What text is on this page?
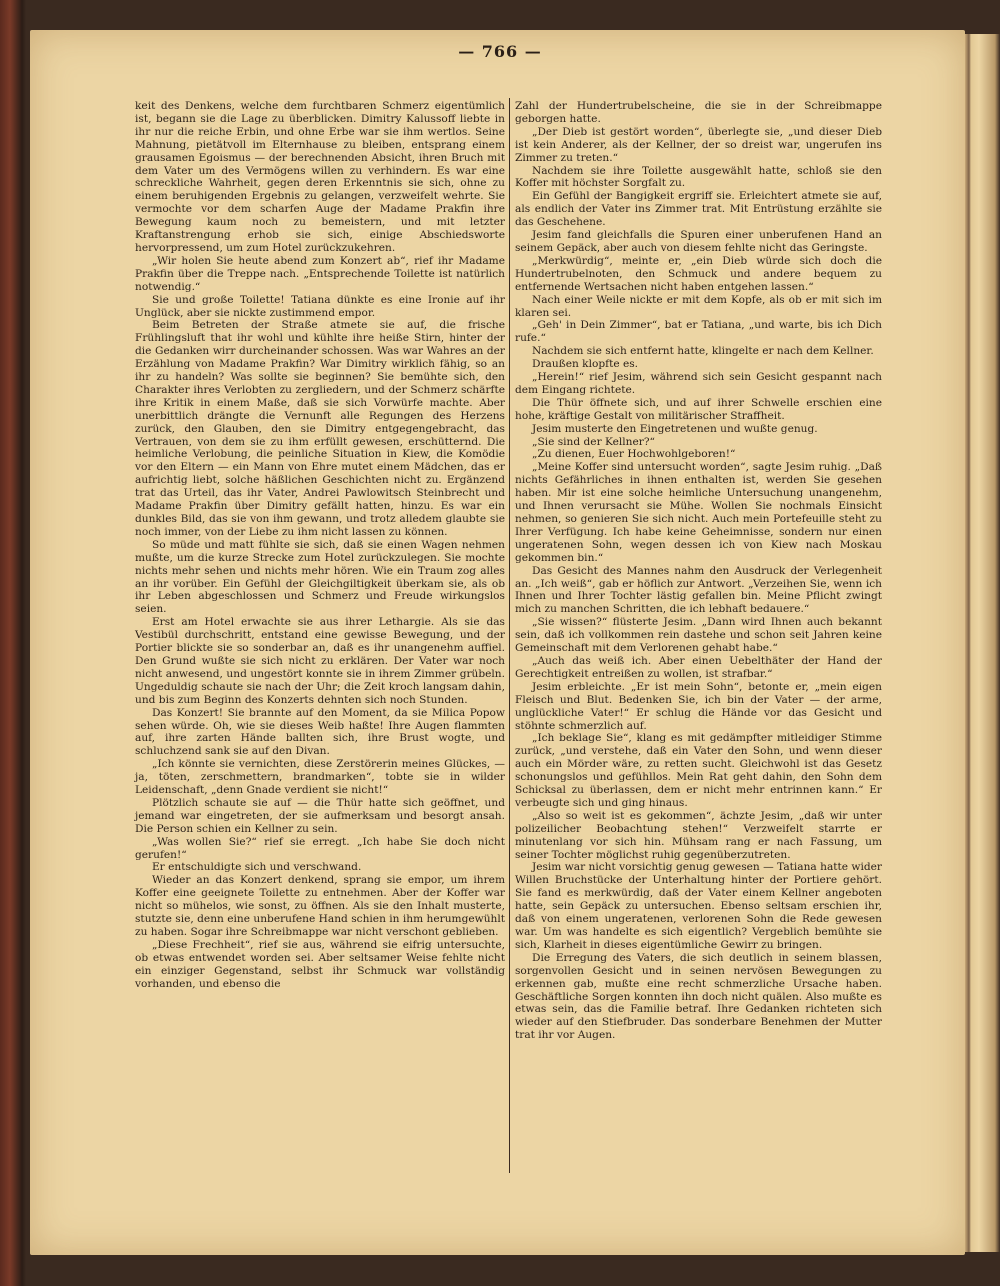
— 766 —

keit des Denkens, welche dem furchtbaren Schmerz eigentümlich ist, begann sie die Lage zu überblicken. Dimitry Kalussoff liebte in ihr nur die reiche Erbin, und ohne Erbe war sie ihm wertlos. Seine Mahnung, pietätvoll im Elternhause zu bleiben, entsprang einem grausamen Egoismus — der berechnenden Absicht, ihren Bruch mit dem Vater um des Vermögens willen zu verhindern. Es war eine schreckliche Wahrheit, gegen deren Erkenntnis sie sich, ohne zu einem beruhigenden Ergebnis zu gelangen, verzweifelt wehrte. Sie vermochte vor dem scharfen Auge der Madame Prakfin ihre Bewegung kaum noch zu bemeistern, und mit letzter Kraftanstrengung erhob sie sich, einige Abschiedsworte hervorpressend, um zum Hotel zurückzukehren.

„Wir holen Sie heute abend zum Konzert ab“, rief ihr Madame Prakfin über die Treppe nach. „Entsprechende Toilette ist natürlich notwendig.“

Sie und große Toilette! Tatiana dünkte es eine Ironie auf ihr Unglück, aber sie nickte zustimmend empor.

Beim Betreten der Straße atmete sie auf, die frische Frühlingsluft that ihr wohl und kühlte ihre heiße Stirn, hinter der die Gedanken wirr durcheinander schossen. Was war Wahres an der Erzählung von Madame Prakfin? War Dimitry wirklich fähig, so an ihr zu handeln? Was sollte sie beginnen? Sie bemühte sich, den Charakter ihres Verlobten zu zergliedern, und der Schmerz schärfte ihre Kritik in einem Maße, daß sie sich Vorwürfe machte. Aber unerbittlich drängte die Vernunft alle Regungen des Herzens zurück, den Glauben, den sie Dimitry entgegengebracht, das Vertrauen, von dem sie zu ihm erfüllt gewesen, erschütternd. Die heimliche Verlobung, die peinliche Situation in Kiew, die Komödie vor den Eltern — ein Mann von Ehre mutet einem Mädchen, das er aufrichtig liebt, solche häßlichen Geschichten nicht zu. Ergänzend trat das Urteil, das ihr Vater, Andrei Pawlowitsch Steinbrecht und Madame Prakfin über Dimitry gefällt hatten, hinzu. Es war ein dunkles Bild, das sie von ihm gewann, und trotz alledem glaubte sie noch immer, von der Liebe zu ihm nicht lassen zu können.

So müde und matt fühlte sie sich, daß sie einen Wagen nehmen mußte, um die kurze Strecke zum Hotel zurückzulegen. Sie mochte nichts mehr sehen und nichts mehr hören. Wie ein Traum zog alles an ihr vorüber. Ein Gefühl der Gleichgiltigkeit überkam sie, als ob ihr Leben abgeschlossen und Schmerz und Freude wirkungslos seien.

Erst am Hotel erwachte sie aus ihrer Lethargie. Als sie das Vestibül durchschritt, entstand eine gewisse Bewegung, und der Portier blickte sie so sonderbar an, daß es ihr unangenehm auffiel. Den Grund wußte sie sich nicht zu erklären. Der Vater war noch nicht anwesend, und ungestört konnte sie in ihrem Zimmer grübeln. Ungeduldig schaute sie nach der Uhr; die Zeit kroch langsam dahin, und bis zum Beginn des Konzerts dehnten sich noch Stunden.

Das Konzert! Sie brannte auf den Moment, da sie Milica Popow sehen würde. Oh, wie sie dieses Weib haßte! Ihre Augen flammten auf, ihre zarten Hände ballten sich, ihre Brust wogte, und schluchzend sank sie auf den Divan.

„Ich könnte sie vernichten, diese Zerstörerin meines Glückes, — ja, töten, zerschmettern, brandmarken“, tobte sie in wilder Leidenschaft, „denn Gnade verdient sie nicht!“

Plötzlich schaute sie auf — die Thür hatte sich geöffnet, und jemand war eingetreten, der sie aufmerksam und besorgt ansah. Die Person schien ein Kellner zu sein.

„Was wollen Sie?“ rief sie erregt. „Ich habe Sie doch nicht gerufen!“

Er entschuldigte sich und verschwand.

Wieder an das Konzert denkend, sprang sie empor, um ihrem Koffer eine geeignete Toilette zu entnehmen. Aber der Koffer war nicht so mühelos, wie sonst, zu öffnen. Als sie den Inhalt musterte, stutzte sie, denn eine unberufene Hand schien in ihm herumgewühlt zu haben. Sogar ihre Schreibmappe war nicht verschont geblieben.

„Diese Frechheit“, rief sie aus, während sie eifrig untersuchte, ob etwas entwendet worden sei. Aber seltsamer Weise fehlte nicht ein einziger Gegenstand, selbst ihr Schmuck war vollständig vorhanden, und ebenso die

Zahl der Hundertrubelscheine, die sie in der Schreibmappe geborgen hatte.

„Der Dieb ist gestört worden“, überlegte sie, „und dieser Dieb ist kein Anderer, als der Kellner, der so dreist war, ungerufen ins Zimmer zu treten.“

Nachdem sie ihre Toilette ausgewählt hatte, schloß sie den Koffer mit höchster Sorgfalt zu.

Ein Gefühl der Bangigkeit ergriff sie. Erleichtert atmete sie auf, als endlich der Vater ins Zimmer trat. Mit Entrüstung erzählte sie das Geschehene.

Jesim fand gleichfalls die Spuren einer unberufenen Hand an seinem Gepäck, aber auch von diesem fehlte nicht das Geringste.

„Merkwürdig“, meinte er, „ein Dieb würde sich doch die Hundertrubelnoten, den Schmuck und andere bequem zu entfernende Wertsachen nicht haben entgehen lassen.“

Nach einer Weile nickte er mit dem Kopfe, als ob er mit sich im klaren sei.

„Geh' in Dein Zimmer“, bat er Tatiana, „und warte, bis ich Dich rufe.“

Nachdem sie sich entfernt hatte, klingelte er nach dem Kellner.

Draußen klopfte es.

„Herein!“ rief Jesim, während sich sein Gesicht gespannt nach dem Eingang richtete.

Die Thür öffnete sich, und auf ihrer Schwelle erschien eine hohe, kräftige Gestalt von militärischer Straffheit.

Jesim musterte den Eingetretenen und wußte genug.

„Sie sind der Kellner?“

„Zu dienen, Euer Hochwohlgeboren!“

„Meine Koffer sind untersucht worden“, sagte Jesim ruhig. „Daß nichts Gefährliches in ihnen enthalten ist, werden Sie gesehen haben. Mir ist eine solche heimliche Untersuchung unangenehm, und Ihnen verursacht sie Mühe. Wollen Sie nochmals Einsicht nehmen, so genieren Sie sich nicht. Auch mein Portefeuille steht zu Ihrer Verfügung. Ich habe keine Geheimnisse, sondern nur einen ungeratenen Sohn, wegen dessen ich von Kiew nach Moskau gekommen bin.“

Das Gesicht des Mannes nahm den Ausdruck der Verlegenheit an. „Ich weiß“, gab er höflich zur Antwort. „Verzeihen Sie, wenn ich Ihnen und Ihrer Tochter lästig gefallen bin. Meine Pflicht zwingt mich zu manchen Schritten, die ich lebhaft bedauere.“

„Sie wissen?“ flüsterte Jesim. „Dann wird Ihnen auch bekannt sein, daß ich vollkommen rein dastehe und schon seit Jahren keine Gemeinschaft mit dem Verlorenen gehabt habe.“

„Auch das weiß ich. Aber einen Uebelthäter der Hand der Gerechtigkeit entreißen zu wollen, ist strafbar.“

Jesim erbleichte. „Er ist mein Sohn“, betonte er, „mein eigen Fleisch und Blut. Bedenken Sie, ich bin der Vater — der arme, unglückliche Vater!“ Er schlug die Hände vor das Gesicht und stöhnte schmerzlich auf.

„Ich beklage Sie“, klang es mit gedämpfter mitleidiger Stimme zurück, „und verstehe, daß ein Vater den Sohn, und wenn dieser auch ein Mörder wäre, zu retten sucht. Gleichwohl ist das Gesetz schonungslos und gefühllos. Mein Rat geht dahin, den Sohn dem Schicksal zu überlassen, dem er nicht mehr entrinnen kann.“ Er verbeugte sich und ging hinaus.

„Also so weit ist es gekommen“, ächzte Jesim, „daß wir unter polizeilicher Beobachtung stehen!“ Verzweifelt starrte er minutenlang vor sich hin. Mühsam rang er nach Fassung, um seiner Tochter möglichst ruhig gegenüberzutreten.

Jesim war nicht vorsichtig genug gewesen — Tatiana hatte wider Willen Bruchstücke der Unterhaltung hinter der Portiere gehört. Sie fand es merkwürdig, daß der Vater einem Kellner angeboten hatte, sein Gepäck zu untersuchen. Ebenso seltsam erschien ihr, daß von einem ungeratenen, verlorenen Sohn die Rede gewesen war. Um was handelte es sich eigentlich? Vergeblich bemühte sie sich, Klarheit in dieses eigentümliche Gewirr zu bringen.

Die Erregung des Vaters, die sich deutlich in seinem blassen, sorgenvollen Gesicht und in seinen nervösen Bewegungen zu erkennen gab, mußte eine recht schmerzliche Ursache haben. Geschäftliche Sorgen konnten ihn doch nicht quälen. Also mußte es etwas sein, das die Familie betraf. Ihre Gedanken richteten sich wieder auf den Stiefbruder. Das sonderbare Benehmen der Mutter trat ihr vor Augen.
